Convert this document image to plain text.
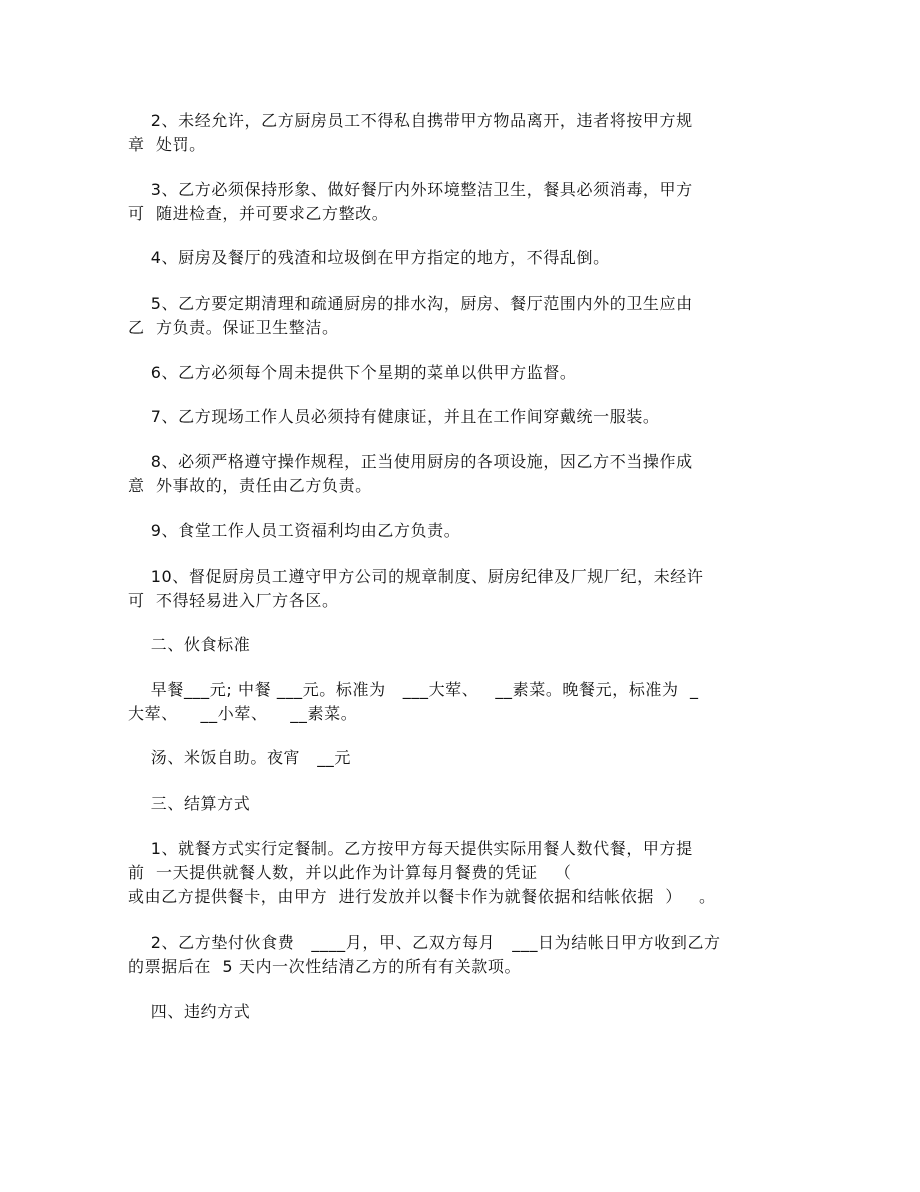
2、未经允许，乙方厨房员工不得私自携带甲方物品离开，违者将按甲方规
章  处罚。
3、乙方必须保持形象、做好餐厅内外环境整洁卫生，餐具必须消毒，甲方
可  随进检查，并可要求乙方整改。
4、厨房及餐厅的残渣和垃圾倒在甲方指定的地方，不得乱倒。
5、乙方要定期清理和疏通厨房的排水沟，厨房、餐厅范围内外的卫生应由
乙  方负责。保证卫生整洁。
6、乙方必须每个周未提供下个星期的菜单以供甲方监督。
7、乙方现场工作人员必须持有健康证，并且在工作间穿戴统一服装。
8、必须严格遵守操作规程，正当使用厨房的各项设施，因乙方不当操作成
意  外事故的，责任由乙方负责。
9、食堂工作人员工资福利均由乙方负责。
10、督促厨房员工遵守甲方公司的规章制度、厨房纪律及厂规厂纪，未经许
可  不得轻易进入厂方各区。
二、伙食标准
早餐___元; 中餐 ___元。标准为   ___大荤、   __素菜。晚餐元，标准为  _
大荤、    __小荤、    __素菜。
汤、米饭自助。夜宵   __元
三、结算方式
1、就餐方式实行定餐制。乙方按甲方每天提供实际用餐人数代餐，甲方提
前  一天提供就餐人数，并以此作为计算每月餐费的凭证   （
或由乙方提供餐卡，由甲方  进行发放并以餐卡作为就餐依据和结帐依据  ）   。
2、乙方垫付伙食费   ____月，甲、乙双方每月   ___日为结帐日甲方收到乙方
的票据后在  5 天内一次性结清乙方的所有有关款项。
四、违约方式
